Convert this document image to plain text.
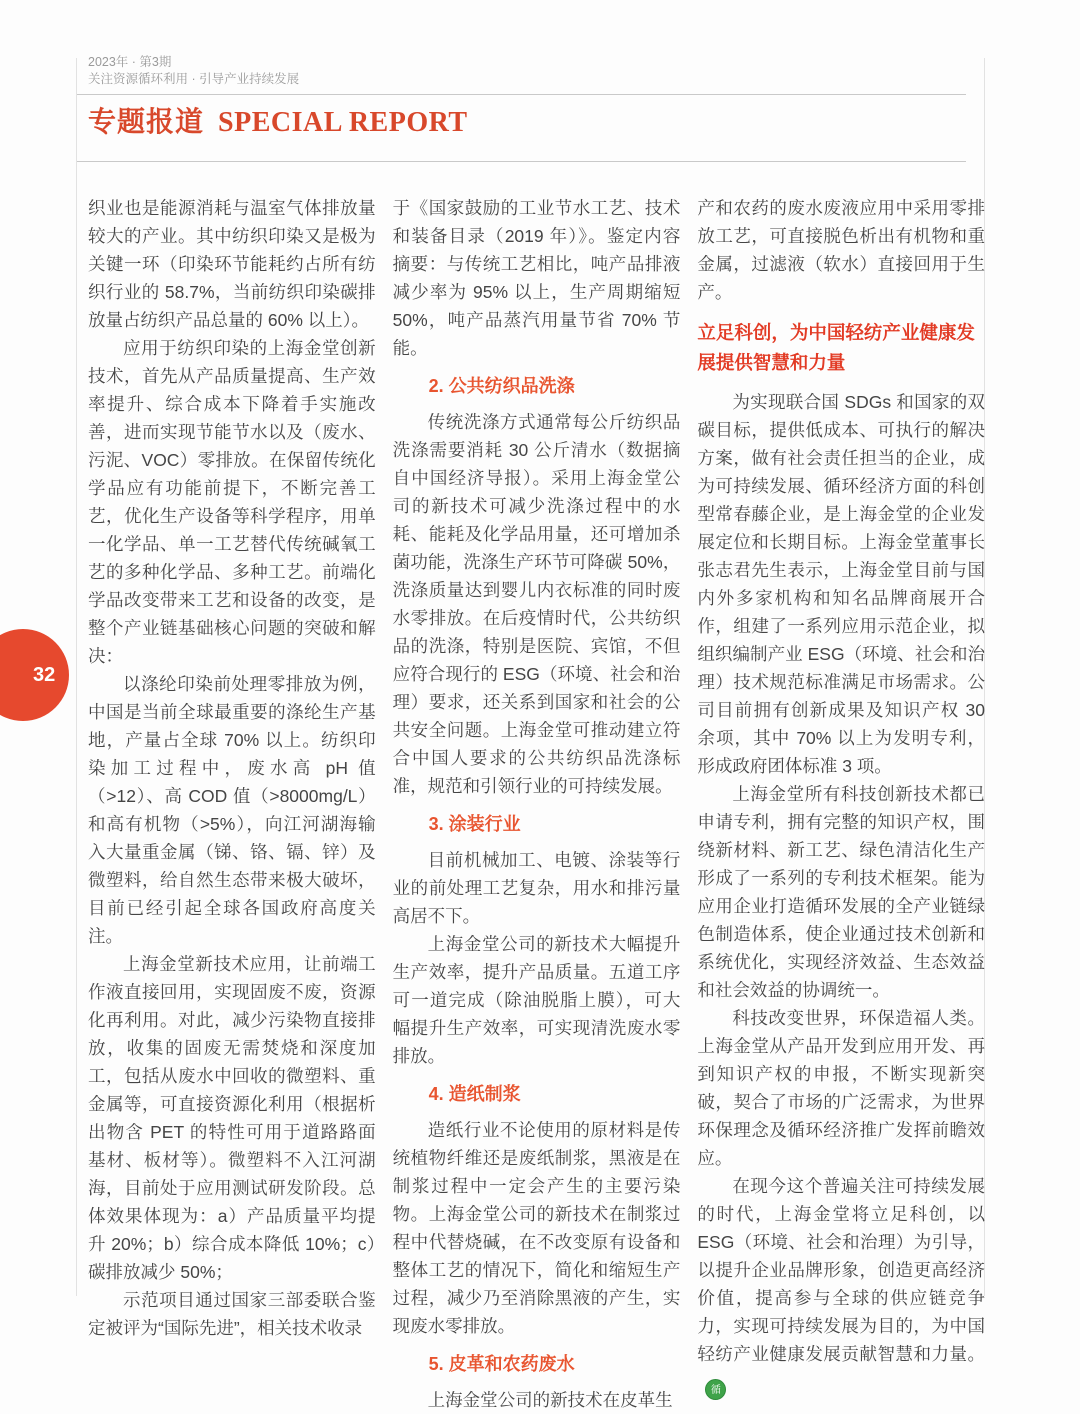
2023年 · 第3期
关注资源循环利用 · 引导产业持续发展
专题报道 SPECIAL REPORT

织业也是能源消耗与温室气体排放量较大的产业。其中纺织印染又是极为关键一环（印染环节能耗约占所有纺织行业的 58.7%，当前纺织印染碳排放量占纺织产品总量的 60% 以上）。

应用于纺织印染的上海金堂创新技术，首先从产品质量提高、生产效率提升、综合成本下降着手实施改善，进而实现节能节水以及（废水、污泥、VOC）零排放。在保留传统化学品应有功能前提下，不断完善工艺，优化生产设备等科学程序，用单一化学品、单一工艺替代传统碱氧工艺的多种化学品、多种工艺。前端化学品改变带来工艺和设备的改变，是整个产业链基础核心问题的突破和解决：

以涤纶印染前处理零排放为例，中国是当前全球最重要的涤纶生产基地，产量占全球 70% 以上。纺织印染加工过程中，废水高 pH 值（>12）、高 COD 值（>8000mg/L）和高有机物（>5%），向江河湖海输入大量重金属（锑、铬、镉、锌）及微塑料，给自然生态带来极大破坏，目前已经引起全球各国政府高度关注。

上海金堂新技术应用，让前端工作液直接回用，实现固废不废，资源化再利用。对此，减少污染物直接排放，收集的固废无需焚烧和深度加工，包括从废水中回收的微塑料、重金属等，可直接资源化利用（根据析出物含 PET 的特性可用于道路路面基材、板材等）。微塑料不入江河湖海，目前处于应用测试研发阶段。总体效果体现为：a）产品质量平均提升 20%；b）综合成本降低 10%；c）碳排放减少 50%；

示范项目通过国家三部委联合鉴定被评为“国际先进”，相关技术收录

于《国家鼓励的工业节水工艺、技术和装备目录（2019 年）》。鉴定内容摘要：与传统工艺相比，吨产品排液减少率为 95% 以上，生产周期缩短 50%，吨产品蒸汽用量节省 70% 节能。

2. 公共纺织品洗涤

传统洗涤方式通常每公斤纺织品洗涤需要消耗 30 公斤清水（数据摘自中国经济导报）。采用上海金堂公司的新技术可减少洗涤过程中的水耗、能耗及化学品用量，还可增加杀菌功能，洗涤生产环节可降碳 50%，洗涤质量达到婴儿内衣标准的同时废水零排放。在后疫情时代，公共纺织品的洗涤，特别是医院、宾馆，不但应符合现行的 ESG（环境、社会和治理）要求，还关系到国家和社会的公共安全问题。上海金堂可推动建立符合中国人要求的公共纺织品洗涤标准，规范和引领行业的可持续发展。

3. 涂装行业

目前机械加工、电镀、涂装等行业的前处理工艺复杂，用水和排污量高居不下。

上海金堂公司的新技术大幅提升生产效率，提升产品质量。五道工序可一道完成（除油脱脂上膜），可大幅提升生产效率，可实现清洗废水零排放。

4. 造纸制浆

造纸行业不论使用的原材料是传统植物纤维还是废纸制浆，黑液是在制浆过程中一定会产生的主要污染物。上海金堂公司的新技术在制浆过程中代替烧碱，在不改变原有设备和整体工艺的情况下，简化和缩短生产过程，减少乃至消除黑液的产生，实现废水零排放。

5. 皮革和农药废水

上海金堂公司的新技术在皮革生

产和农药的废水废液应用中采用零排放工艺，可直接脱色析出有机物和重金属，过滤液（软水）直接回用于生产。

立足科创，为中国轻纺产业健康发展提供智慧和力量

为实现联合国 SDGs 和国家的双碳目标，提供低成本、可执行的解决方案，做有社会责任担当的企业，成为可持续发展、循环经济方面的科创型常春藤企业，是上海金堂的企业发展定位和长期目标。上海金堂董事长张志君先生表示，上海金堂目前与国内外多家机构和知名品牌商展开合作，组建了一系列应用示范企业，拟组织编制产业 ESG（环境、社会和治理）技术规范标准满足市场需求。公司目前拥有创新成果及知识产权 30 余项，其中 70% 以上为发明专利，形成政府团体标准 3 项。

上海金堂所有科技创新技术都已申请专利，拥有完整的知识产权，围绕新材料、新工艺、绿色清洁化生产形成了一系列的专利技术框架。能为应用企业打造循环发展的全产业链绿色制造体系，使企业通过技术创新和系统优化，实现经济效益、生态效益和社会效益的协调统一。

科技改变世界，环保造福人类。上海金堂从产品开发到应用开发、再到知识产权的申报，不断实现新突破，契合了市场的广泛需求，为世界环保理念及循环经济推广发挥前瞻效应。

在现今这个普遍关注可持续发展的时代，上海金堂将立足科创，以 ESG（环境、社会和治理）为引导，以提升企业品牌形象，创造更高经济价值，提高参与全球的供应链竞争力，实现可持续发展为目的，为中国轻纺产业健康发展贡献智慧和力量。循

32
